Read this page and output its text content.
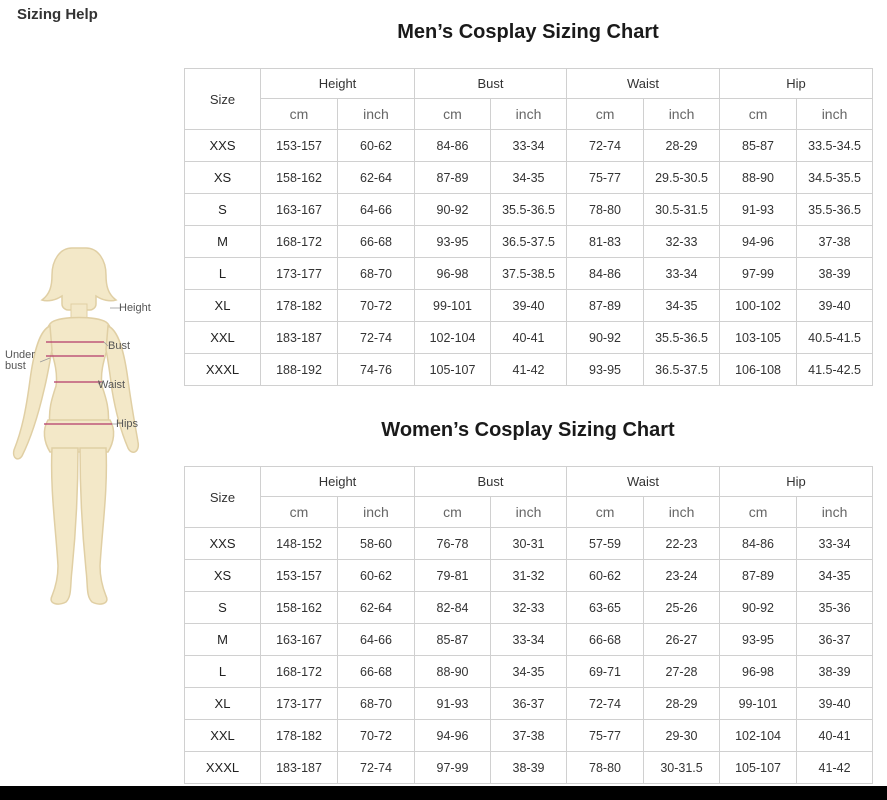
Sizing Help
Height
Bust
Under bust
Waist
Hips
Men’s Cosplay Sizing Chart
Size	Height		Bust		Waist		Hip	
	cm	inch	cm	inch	cm	inch	cm	inch
XXS	153-157	60-62	84-86	33-34	72-74	28-29	85-87	33.5-34.5
XS	158-162	62-64	87-89	34-35	75-77	29.5-30.5	88-90	34.5-35.5
S	163-167	64-66	90-92	35.5-36.5	78-80	30.5-31.5	91-93	35.5-36.5
M	168-172	66-68	93-95	36.5-37.5	81-83	32-33	94-96	37-38
L	173-177	68-70	96-98	37.5-38.5	84-86	33-34	97-99	38-39
XL	178-182	70-72	99-101	39-40	87-89	34-35	100-102	39-40
XXL	183-187	72-74	102-104	40-41	90-92	35.5-36.5	103-105	40.5-41.5
XXXL	188-192	74-76	105-107	41-42	93-95	36.5-37.5	106-108	41.5-42.5
Women’s Cosplay Sizing Chart
Size	Height		Bust		Waist		Hip	
	cm	inch	cm	inch	cm	inch	cm	inch
XXS	148-152	58-60	76-78	30-31	57-59	22-23	84-86	33-34
XS	153-157	60-62	79-81	31-32	60-62	23-24	87-89	34-35
S	158-162	62-64	82-84	32-33	63-65	25-26	90-92	35-36
M	163-167	64-66	85-87	33-34	66-68	26-27	93-95	36-37
L	168-172	66-68	88-90	34-35	69-71	27-28	96-98	38-39
XL	173-177	68-70	91-93	36-37	72-74	28-29	99-101	39-40
XXL	178-182	70-72	94-96	37-38	75-77	29-30	102-104	40-41
XXXL	183-187	72-74	97-99	38-39	78-80	30-31.5	105-107	41-42
